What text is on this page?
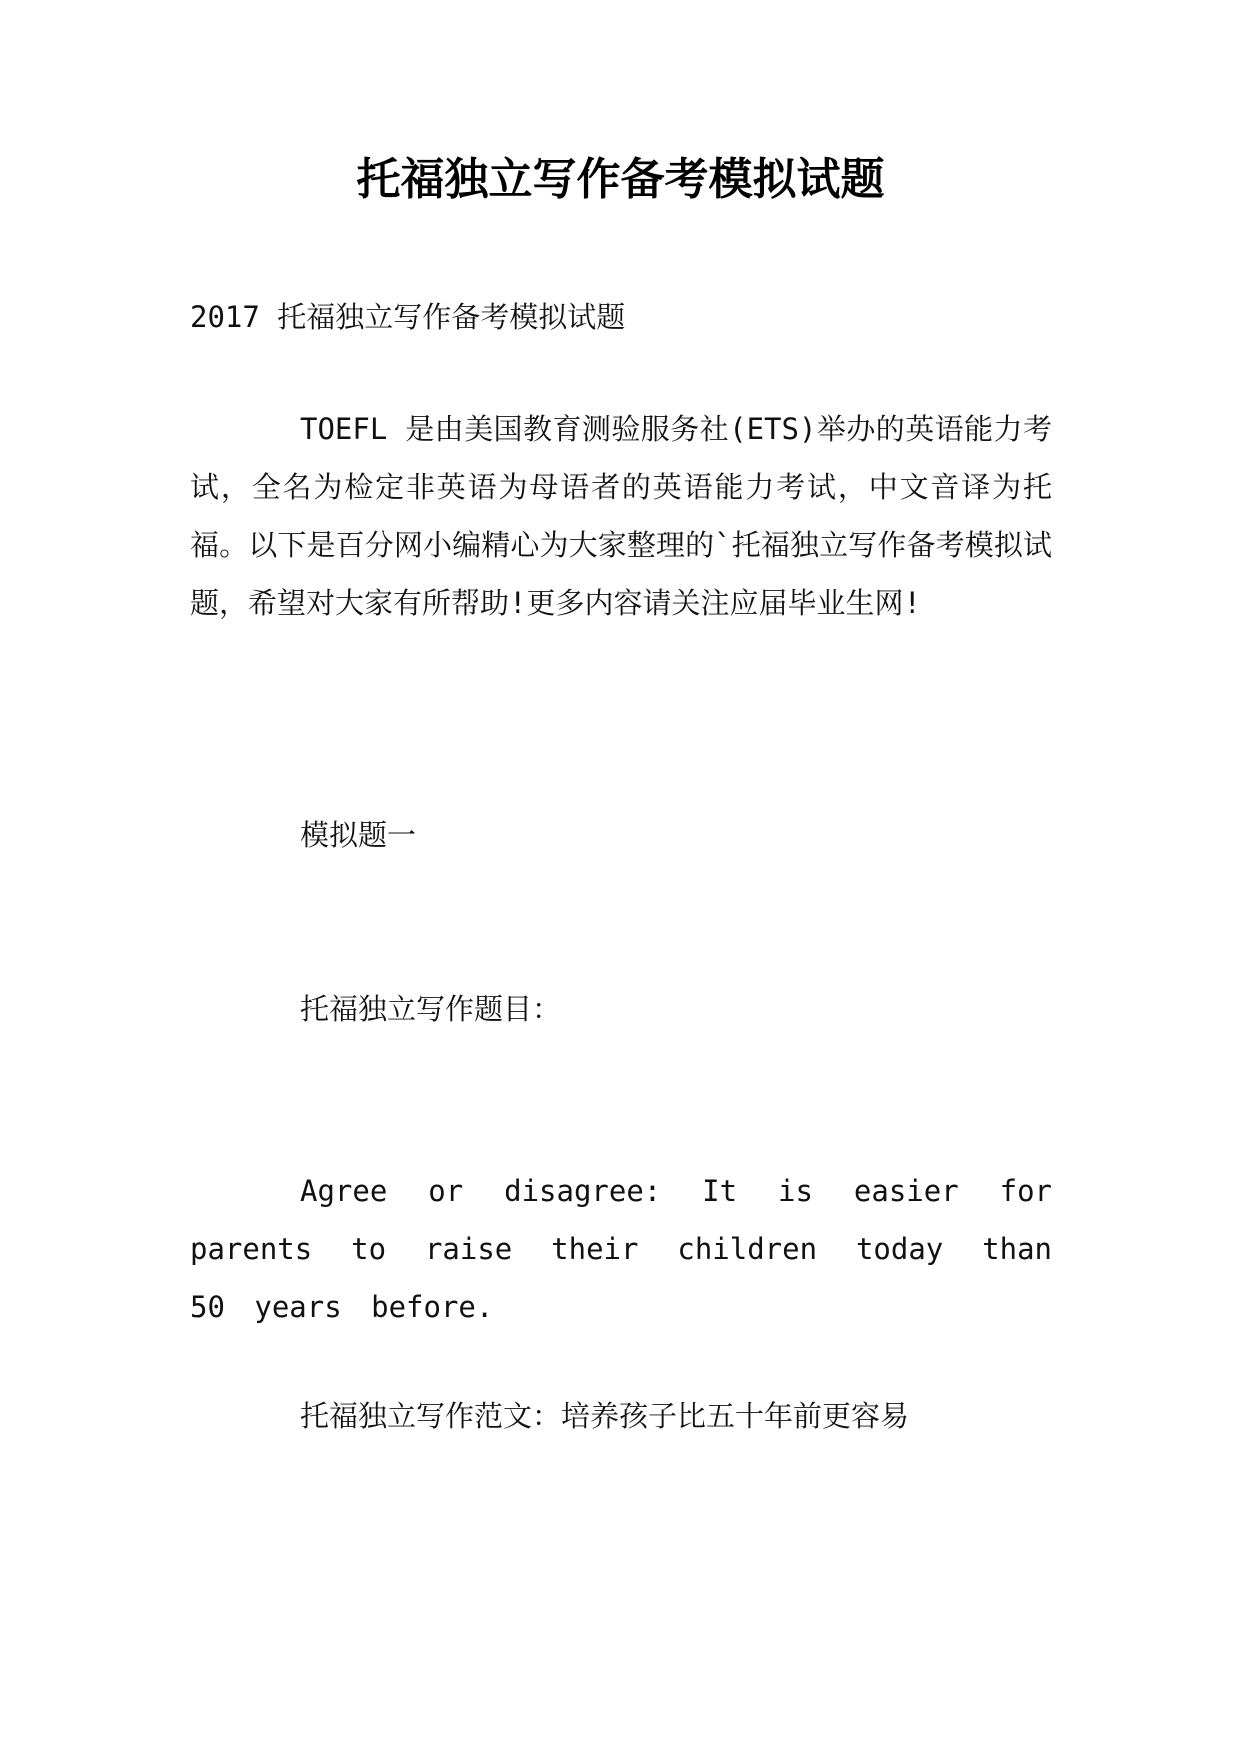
托福独立写作备考模拟试题

2017 托福独立写作备考模拟试题

TOEFL 是由美国教育测验服务社(ETS)举办的英语能力考试，全名为检定非英语为母语者的英语能力考试，中文音译为托福。以下是百分网小编精心为大家整理的`托福独立写作备考模拟试题，希望对大家有所帮助!更多内容请关注应届毕业生网!

模拟题一

托福独立写作题目：

Agree or disagree: It is easier for parents to raise their children today than 50 years before.

托福独立写作范文：培养孩子比五十年前更容易
